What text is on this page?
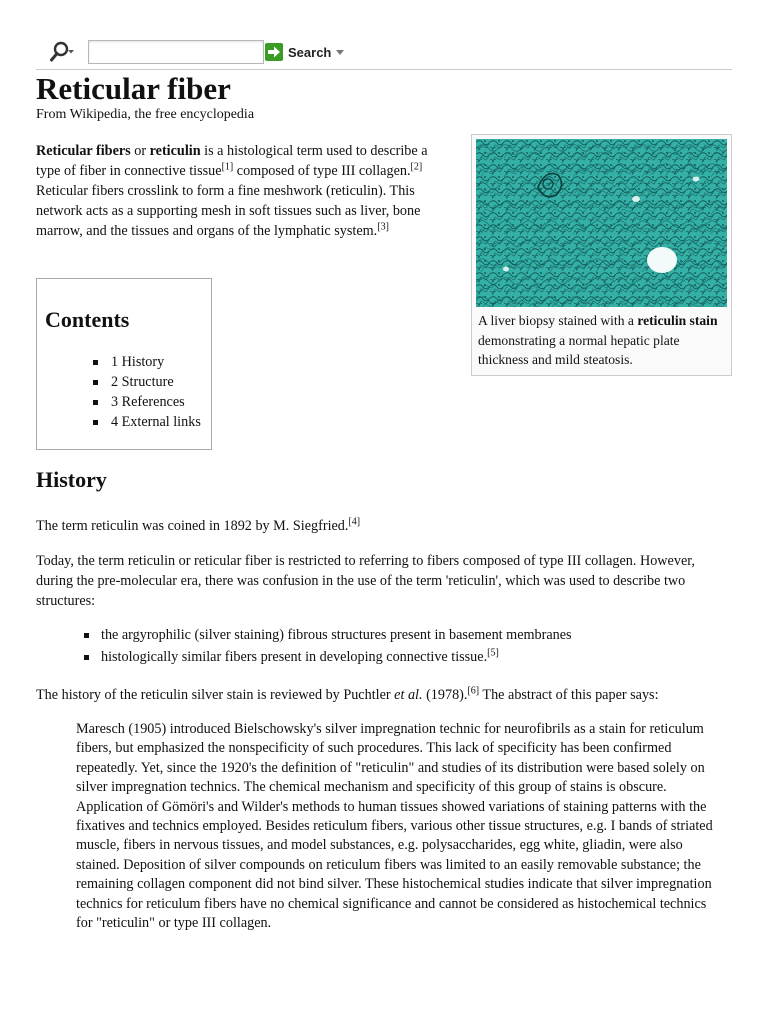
Search
Reticular fiber
From Wikipedia, the free encyclopedia

Reticular fibers or reticulin is a histological term used to describe a type of fiber in connective tissue[1] composed of type III collagen.[2] Reticular fibers crosslink to form a fine meshwork (reticulin). This network acts as a supporting mesh in soft tissues such as liver, bone marrow, and the tissues and organs of the lymphatic system.[3]

A liver biopsy stained with a reticulin stain demonstrating a normal hepatic plate thickness and mild steatosis.
Contents
1 History
2 Structure
3 References
4 External links
History

The term reticulin was coined in 1892 by M. Siegfried.[4]

Today, the term reticulin or reticular fiber is restricted to referring to fibers composed of type III collagen. However, during the pre-molecular era, there was confusion in the use of the term 'reticulin', which was used to describe two structures:

the argyrophilic (silver staining) fibrous structures present in basement membranes
histologically similar fibers present in developing connective tissue.[5]

The history of the reticulin silver stain is reviewed by Puchtler et al. (1978).[6] The abstract of this paper says:

Maresch (1905) introduced Bielschowsky's silver impregnation technic for neurofibrils as a stain for reticulum fibers, but emphasized the nonspecificity of such procedures. This lack of specificity has been confirmed repeatedly. Yet, since the 1920's the definition of "reticulin" and studies of its distribution were based solely on silver impregnation technics. The chemical mechanism and specificity of this group of stains is obscure. Application of Gömöri's and Wilder's methods to human tissues showed variations of staining patterns with the fixatives and technics employed. Besides reticulum fibers, various other tissue structures, e.g. I bands of striated muscle, fibers in nervous tissues, and model substances, e.g. polysaccharides, egg white, gliadin, were also stained. Deposition of silver compounds on reticulum fibers was limited to an easily removable substance; the remaining collagen component did not bind silver. These histochemical studies indicate that silver impregnation technics for reticulum fibers have no chemical significance and cannot be considered as histochemical technics for "reticulin" or type III collagen.
